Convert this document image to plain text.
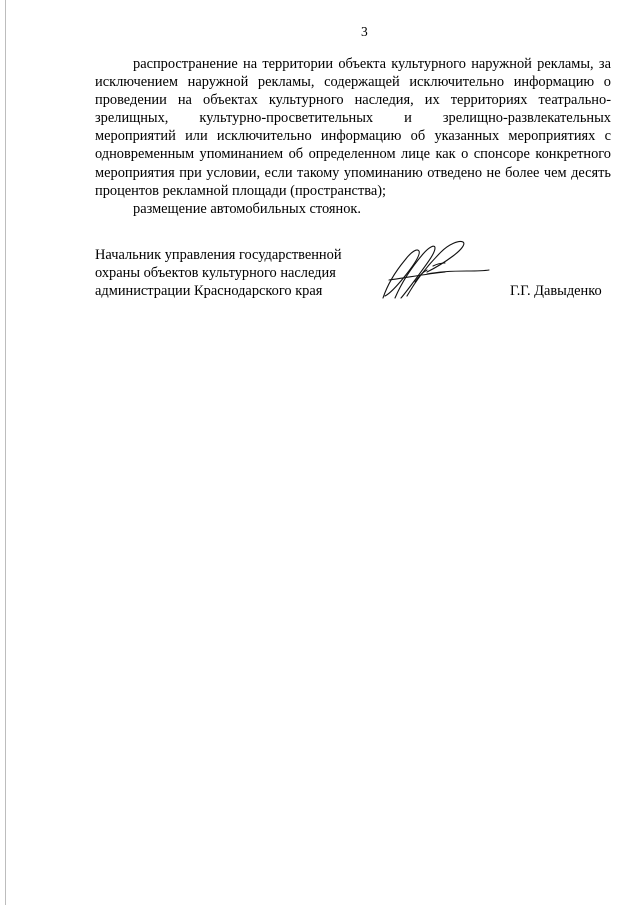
3

распространение на территории объекта культурного наружной рекламы, за исключением наружной рекламы, содержащей исключительно информацию о проведении на объектах культурного наследия, их территориях театрально-зрелищных, культурно-просветительных и зрелищно-развлекательных мероприятий или исключительно информацию об указанных мероприятиях с одновременным упоминанием об определенном лице как о спонсоре конкретного мероприятия при условии, если такому упоминанию отведено не более чем десять процентов рекламной площади (пространства);

размещение автомобильных стоянок.

Начальник управления государственной
охраны объектов культурного наследия
администрации Краснодарского края	Г.Г. Давыденко
